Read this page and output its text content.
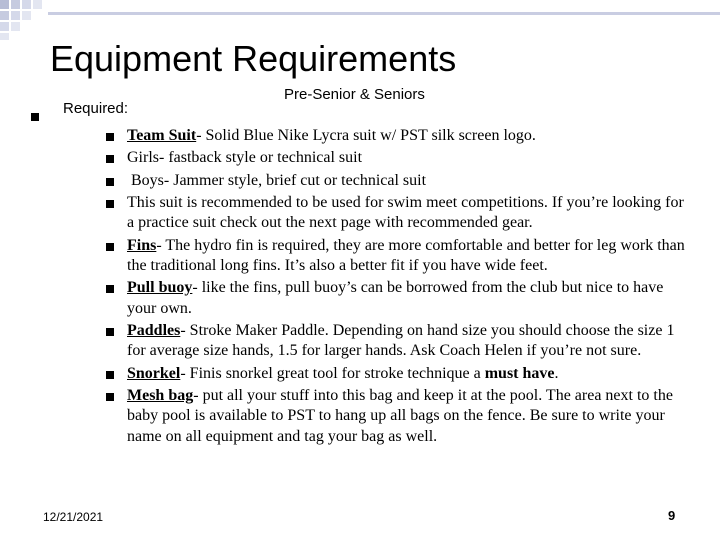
Equipment Requirements
Pre-Senior & Seniors
Required:
Team Suit- Solid Blue Nike Lycra suit w/ PST silk screen logo.
Girls- fastback style or technical suit
Boys- Jammer style, brief cut or technical suit
This suit is recommended to be used for swim meet competitions. If you’re looking for a practice suit check out the next page with recommended gear.
Fins- The hydro fin is required, they are more comfortable and better for leg work than the traditional long fins. It’s also a better fit if you have wide feet.
Pull buoy- like the fins, pull buoy’s can be borrowed from the club but nice to have your own.
Paddles- Stroke Maker Paddle. Depending on hand size you should choose the size 1 for average size hands, 1.5 for larger hands. Ask Coach Helen if you’re not sure.
Snorkel- Finis snorkel great tool for stroke technique a must have.
Mesh bag- put all your stuff into this bag and keep it at the pool. The area next to the baby pool is available to PST to hang up all bags on the fence. Be sure to write your name on all equipment and tag your bag as well.
12/21/2021	9
